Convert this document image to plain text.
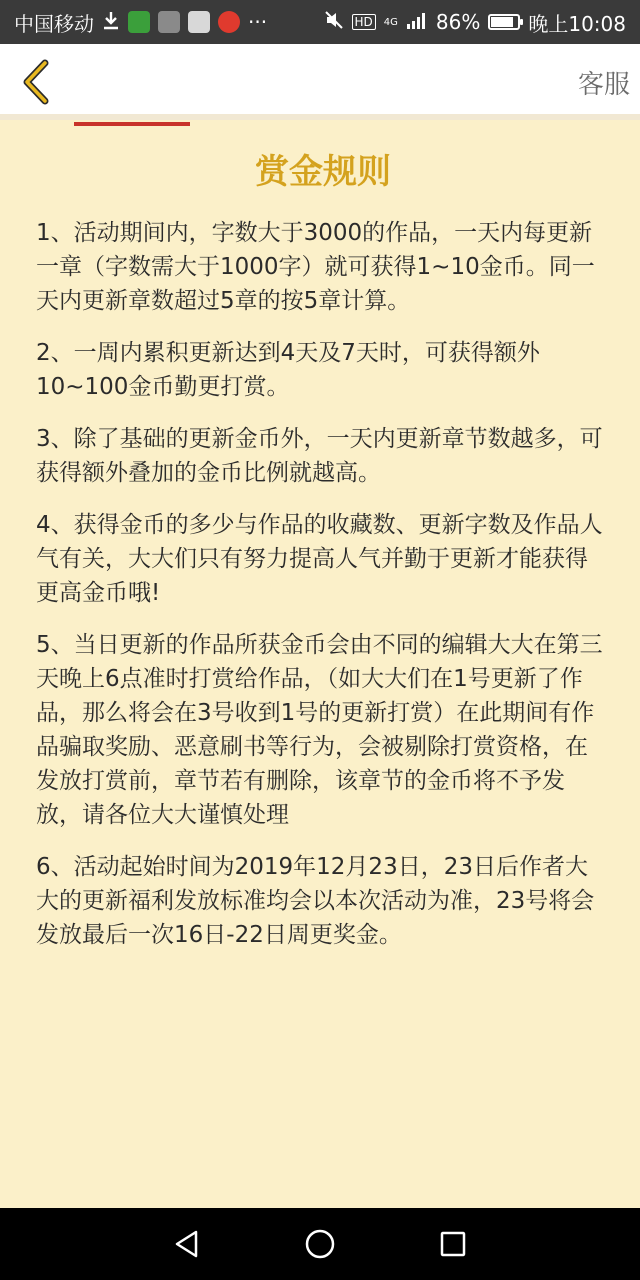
中国移动	···	HD	4G 86% 晚上10:08
客服
赏金规则

1、活动期间内，字数大于3000的作品，一天内每更新一章（字数需大于1000字）就可获得1~10金币。同一天内更新章数超过5章的按5章计算。

2、一周内累积更新达到4天及7天时，可获得额外10~100金币勤更打赏。

3、除了基础的更新金币外，一天内更新章节数越多，可获得额外叠加的金币比例就越高。

4、获得金币的多少与作品的收藏数、更新字数及作品人气有关，大大们只有努力提高人气并勤于更新才能获得更高金币哦!

5、当日更新的作品所获金币会由不同的编辑大大在第三天晚上6点准时打赏给作品，（如大大们在1号更新了作品，那么将会在3号收到1号的更新打赏）在此期间有作品骗取奖励、恶意刷书等行为，会被剔除打赏资格，在发放打赏前，章节若有删除，该章节的金币将不予发放，请各位大大谨慎处理

6、活动起始时间为2019年12月23日，23日后作者大大的更新福利发放标准均会以本次活动为准，23号将会发放最后一次16日-22日周更奖金。
